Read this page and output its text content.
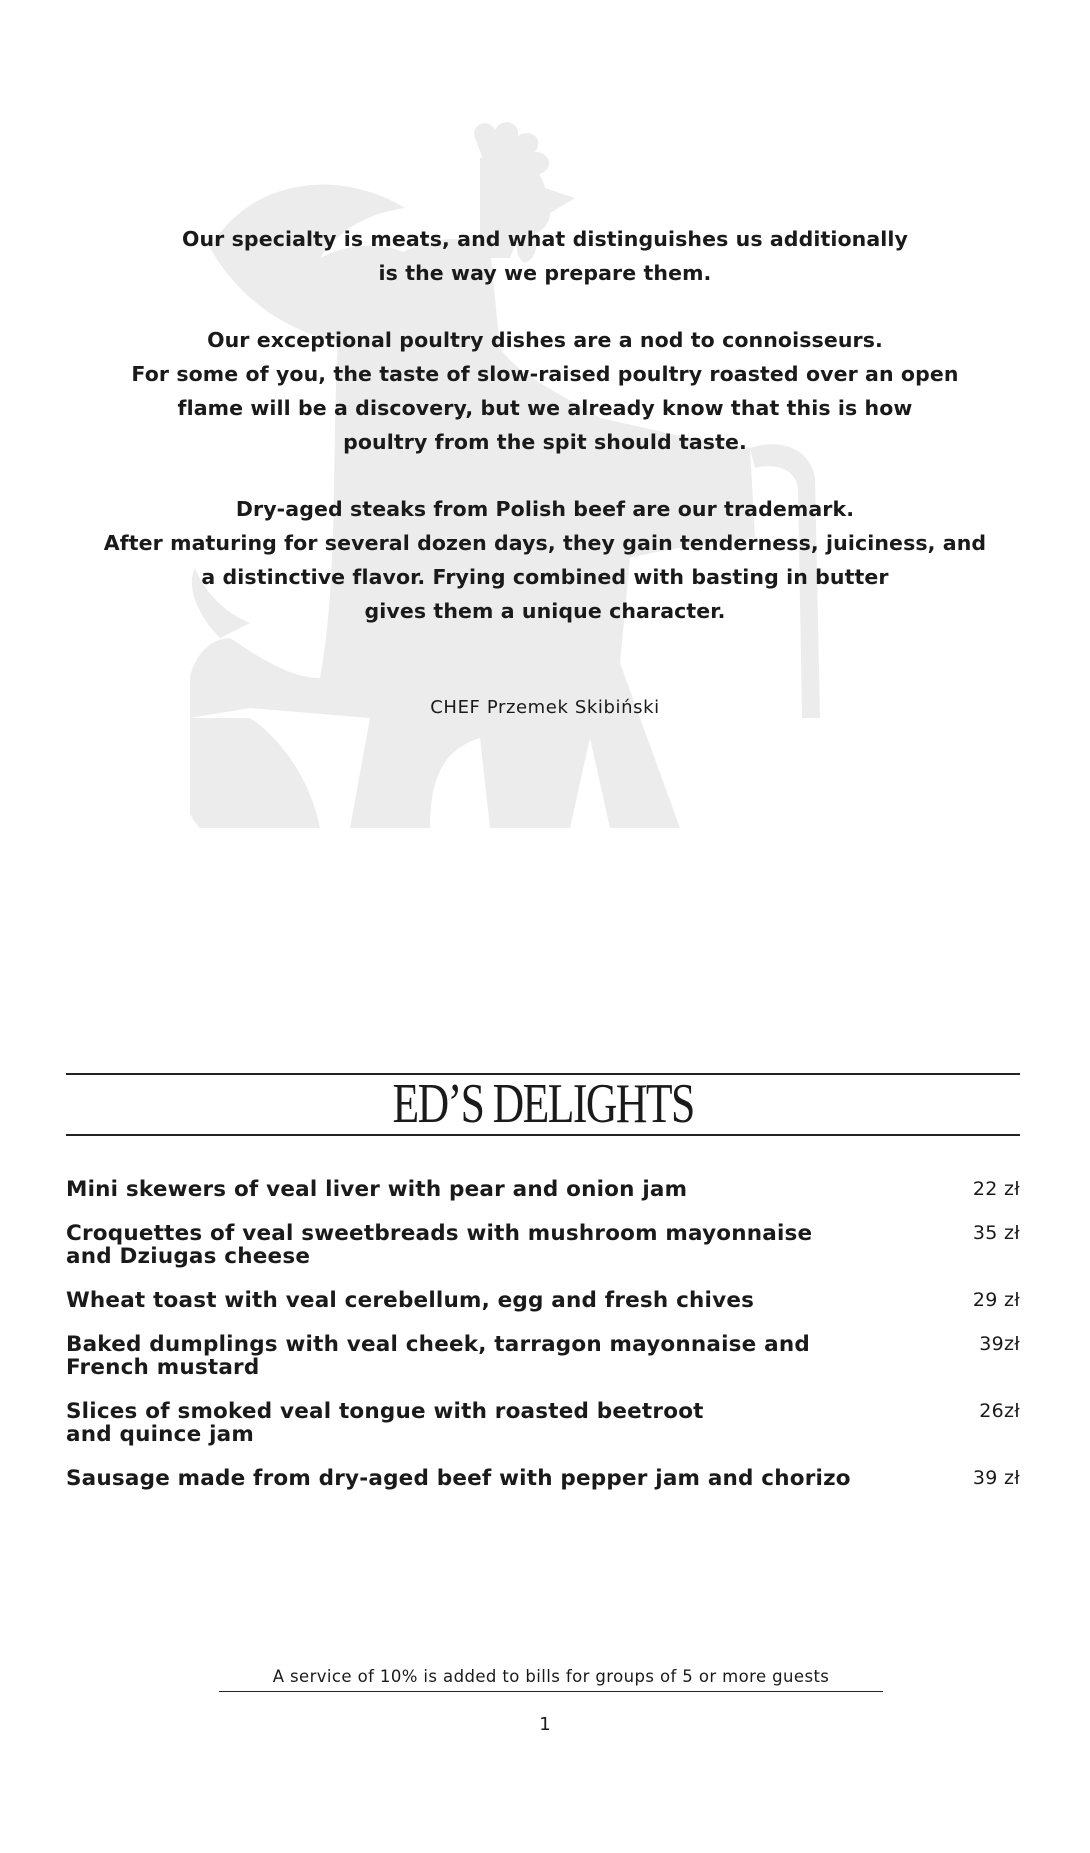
Our specialty is meats, and what distinguishes us additionally
is the way we prepare them.

Our exceptional poultry dishes are a nod to connoisseurs.
For some of you, the taste of slow-raised poultry roasted over an open
flame will be a discovery, but we already know that this is how
poultry from the spit should taste.

Dry-aged steaks from Polish beef are our trademark.
After maturing for several dozen days, they gain tenderness, juiciness, and
a distinctive flavor. Frying combined with basting in butter
gives them a unique character.

CHEF Przemek Skibiński
ED’S DELIGHTS
Mini skewers of veal liver with pear and onion jam	22 zł
Croquettes of veal sweetbreads with mushroom mayonnaise
and Dziugas cheese
35 zł
Wheat toast with veal cerebellum, egg and fresh chives	29 zł
Baked dumplings with veal cheek, tarragon mayonnaise and
French mustard
39zł
Slices of smoked veal tongue with roasted beetroot
and quince jam
26zł
Sausage made from dry-aged beef with pepper jam and chorizo	39 zł
A service of 10% is added to bills for groups of 5 or more guests
1
